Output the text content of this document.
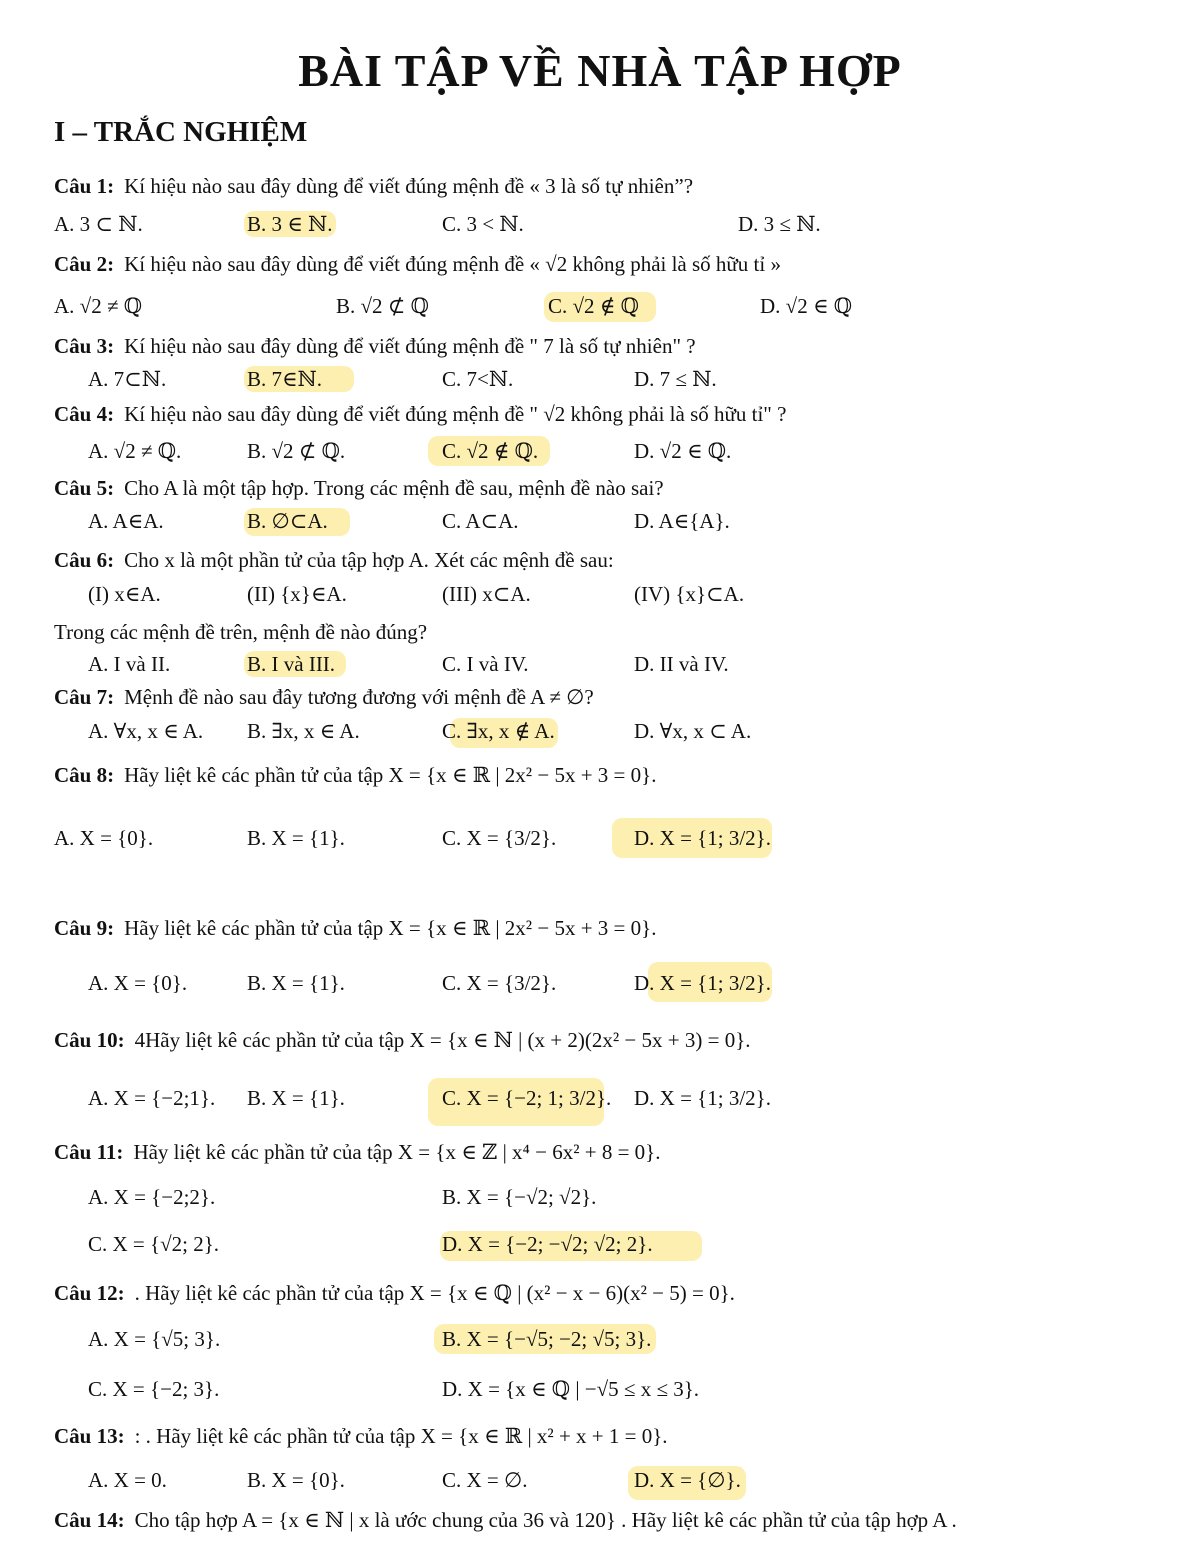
BÀI TẬP VỀ NHÀ TẬP HỢP
I – TRẮC NGHIỆM
Câu 1: Kí hiệu nào sau đây dùng để viết đúng mệnh đề « 3 là số tự nhiên”?
A. 3 ⊂ ℕ.	B. 3 ∈ ℕ.	C. 3 < ℕ.	D. 3 ≤ ℕ.
Câu 2: Kí hiệu nào sau đây dùng để viết đúng mệnh đề « √2 không phải là số hữu tỉ »
A. √2 ≠ ℚ	B. √2 ⊄ ℚ	C. √2 ∉ ℚ	D. √2 ∈ ℚ
Câu 3: Kí hiệu nào sau đây dùng để viết đúng mệnh đề " 7 là số tự nhiên" ?
A. 7⊂ℕ.	B. 7∈ℕ.	C. 7<ℕ.	D. 7 ≤ ℕ.
Câu 4: Kí hiệu nào sau đây dùng để viết đúng mệnh đề " √2 không phải là số hữu tỉ" ?
A. √2 ≠ ℚ.	B. √2 ⊄ ℚ.	C. √2 ∉ ℚ.	D. √2 ∈ ℚ.
Câu 5: Cho A là một tập hợp. Trong các mệnh đề sau, mệnh đề nào sai?
A. A∈A.	B. ∅⊂A.	C. A⊂A.	D. A∈{A}.
Câu 6: Cho x là một phần tử của tập hợp A. Xét các mệnh đề sau:
(I) x∈A.	(II) {x}∈A.	(III) x⊂A.	(IV) {x}⊂A.
Trong các mệnh đề trên, mệnh đề nào đúng?
A. I và II.	B. I và III.	C. I và IV.	D. II và IV.
Câu 7: Mệnh đề nào sau đây tương đương với mệnh đề A ≠ ∅?
A. ∀x, x ∈ A. B. ∃x, x ∈ A.	C. ∃x, x ∉ A.	D. ∀x, x ⊂ A.
Câu 8: Hãy liệt kê các phần tử của tập X = {x ∈ ℝ | 2x² − 5x + 3 = 0}.
A. X = {0}.	B. X = {1}.	C. X = {3/2}.	D. X = {1; 3/2}.
Câu 9: Hãy liệt kê các phần tử của tập X = {x ∈ ℝ | 2x² − 5x + 3 = 0}.
A. X = {0}.	B. X = {1}.	C. X = {3/2}.	D. X = {1; 3/2}.
Câu 10: 4Hãy liệt kê các phần tử của tập X = {x ∈ ℕ | (x + 2)(2x² − 5x + 3) = 0}.
A. X = {−2;1}. B. X = {1}.	C. X = {−2; 1; 3/2}. D. X = {1; 3/2}.
Câu 11: Hãy liệt kê các phần tử của tập X = {x ∈ ℤ | x⁴ − 6x² + 8 = 0}.
A. X = {−2;2}.	B. X = {−√2; √2}.
C. X = {√2; 2}.	D. X = {−2; −√2; √2; 2}.
Câu 12: . Hãy liệt kê các phần tử của tập X = {x ∈ ℚ | (x² − x − 6)(x² − 5) = 0}.
A. X = {√5; 3}.	B. X = {−√5; −2; √5; 3}.
C. X = {−2; 3}.	D. X = {x ∈ ℚ | −√5 ≤ x ≤ 3}.
Câu 13: : . Hãy liệt kê các phần tử của tập X = {x ∈ ℝ | x² + x + 1 = 0}.
A. X = 0.	B. X = {0}.	C. X = ∅.	D. X = {∅}.
Câu 14: Cho tập hợp A = {x ∈ ℕ | x là ước chung của 36 và 120} . Hãy liệt kê các phần tử của tập hợp A .
